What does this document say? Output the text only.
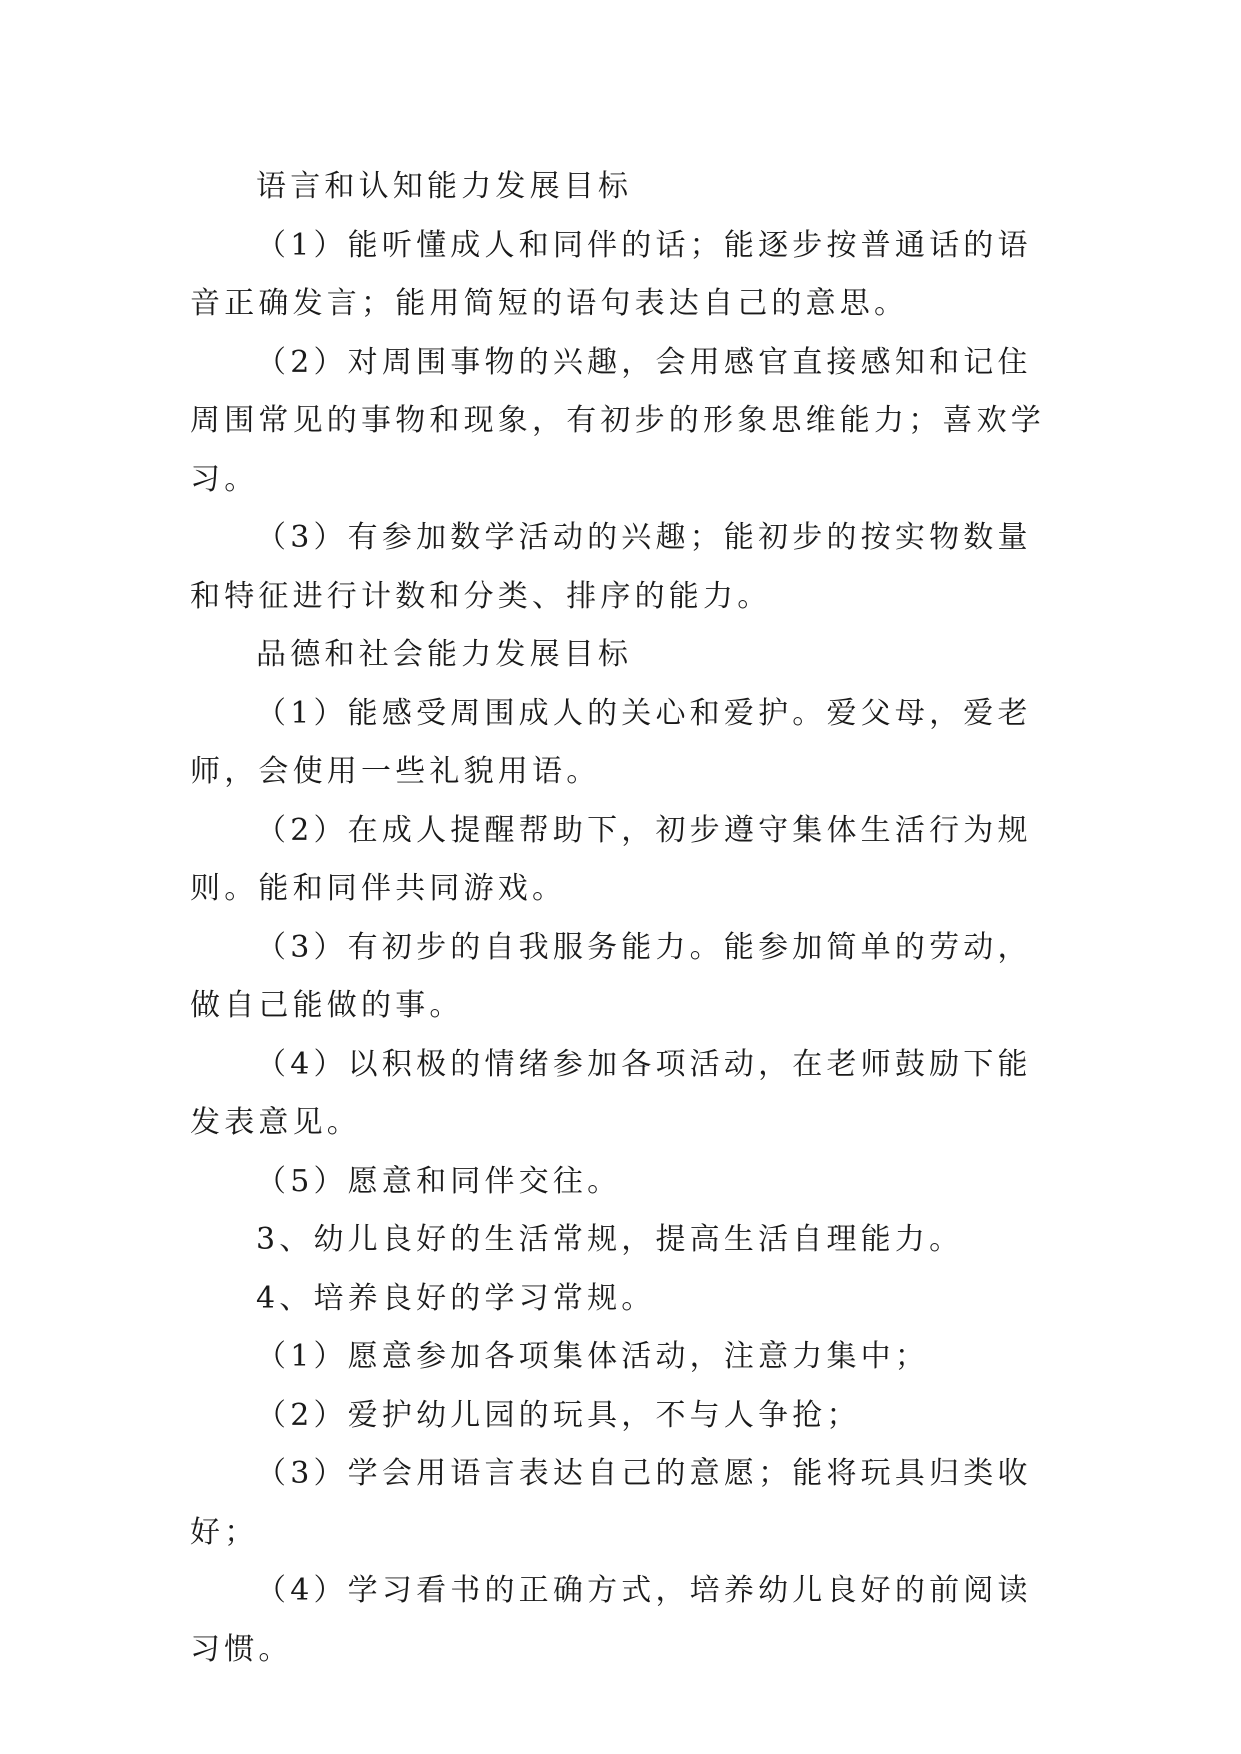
语言和认知能力发展目标

（1）能听懂成人和同伴的话；能逐步按普通话的语音正确发言；能用简短的语句表达自己的意思。

（2）对周围事物的兴趣，会用感官直接感知和记住周围常见的事物和现象，有初步的形象思维能力；喜欢学习。

（3）有参加数学活动的兴趣；能初步的按实物数量和特征进行计数和分类、排序的能力。

品德和社会能力发展目标

（1）能感受周围成人的关心和爱护。爱父母，爱老师，会使用一些礼貌用语。

（2）在成人提醒帮助下，初步遵守集体生活行为规则。能和同伴共同游戏。

（3）有初步的自我服务能力。能参加简单的劳动，做自己能做的事。

（4）以积极的情绪参加各项活动，在老师鼓励下能发表意见。

（5）愿意和同伴交往。

3、幼儿良好的生活常规，提高生活自理能力。

4、培养良好的学习常规。

（1）愿意参加各项集体活动，注意力集中；

（2）爱护幼儿园的玩具，不与人争抢；

（3）学会用语言表达自己的意愿；能将玩具归类收好；

（4）学习看书的正确方式，培养幼儿良好的前阅读习惯。
